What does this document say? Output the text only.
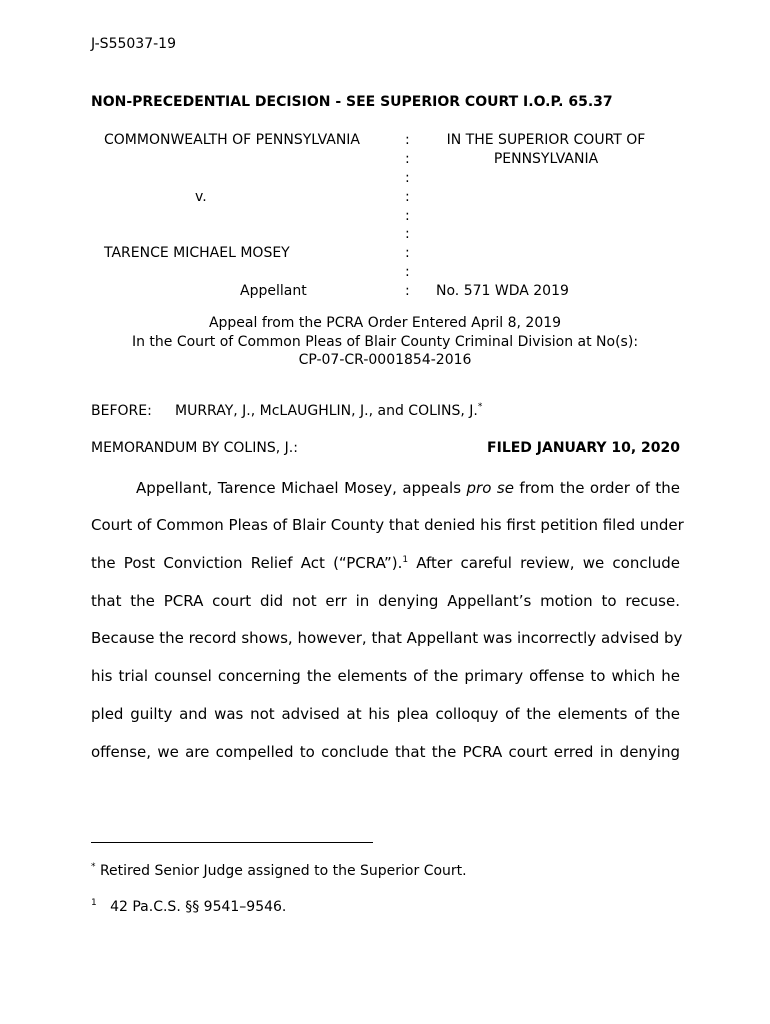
J-S55037-19
NON-PRECEDENTIAL DECISION - SEE SUPERIOR COURT I.O.P. 65.37
COMMONWEALTH OF PENNSYLVANIA
v.
TARENCE MICHAEL MOSEY
Appellant
:
:
:
:
:
:
:
:
:
IN THE SUPERIOR COURT OF
PENNSYLVANIA
No. 571 WDA 2019
Appeal from the PCRA Order Entered April 8, 2019
In the Court of Common Pleas of Blair County Criminal Division at No(s):
CP-07-CR-0001854-2016
BEFORE: MURRAY, J., McLAUGHLIN, J., and COLINS, J.*
MEMORANDUM BY COLINS, J.:	FILED JANUARY 10, 2020
Appellant, Tarence Michael Mosey, appeals pro se from the order of the
Court of Common Pleas of Blair County that denied his first petition filed under
the Post Conviction Relief Act (“PCRA”).$^1$ After careful review, we conclude
that the PCRA court did not err in denying Appellant’s motion to recuse.
Because the record shows, however, that Appellant was incorrectly advised by
his trial counsel concerning the elements of the primary offense to which he
pled guilty and was not advised at his plea colloquy of the elements of the
offense, we are compelled to conclude that the PCRA court erred in denying
* Retired Senior Judge assigned to the Superior Court.
$^1$ 42 Pa.C.S. §§ 9541–9546.
